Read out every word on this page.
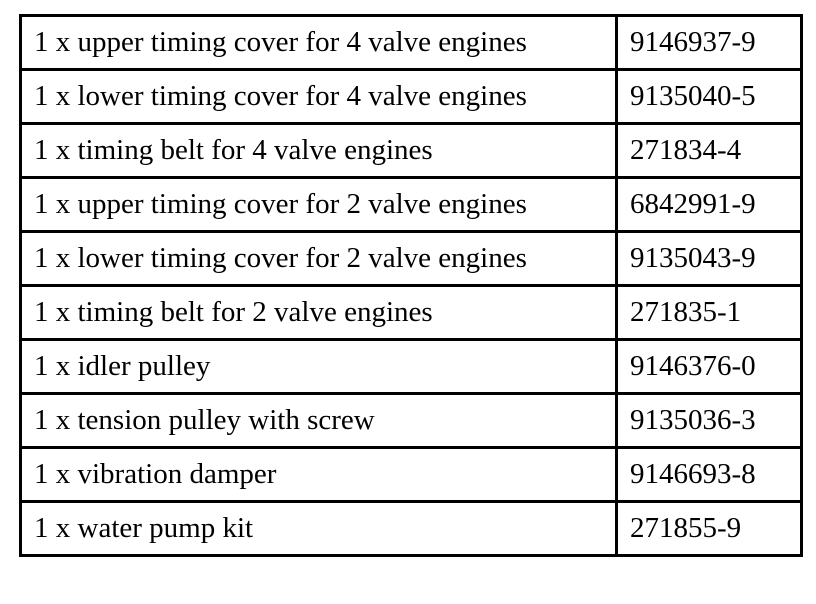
1 x upper timing cover for 4 valve engines	9146937-9
1 x lower timing cover for 4 valve engines	9135040-5
1 x timing belt for 4 valve engines	271834-4
1 x upper timing cover for 2 valve engines	6842991-9
1 x lower timing cover for 2 valve engines	9135043-9
1 x timing belt for 2 valve engines	271835-1
1 x idler pulley	9146376-0
1 x tension pulley with screw	9135036-3
1 x vibration damper	9146693-8
1 x water pump kit	271855-9
